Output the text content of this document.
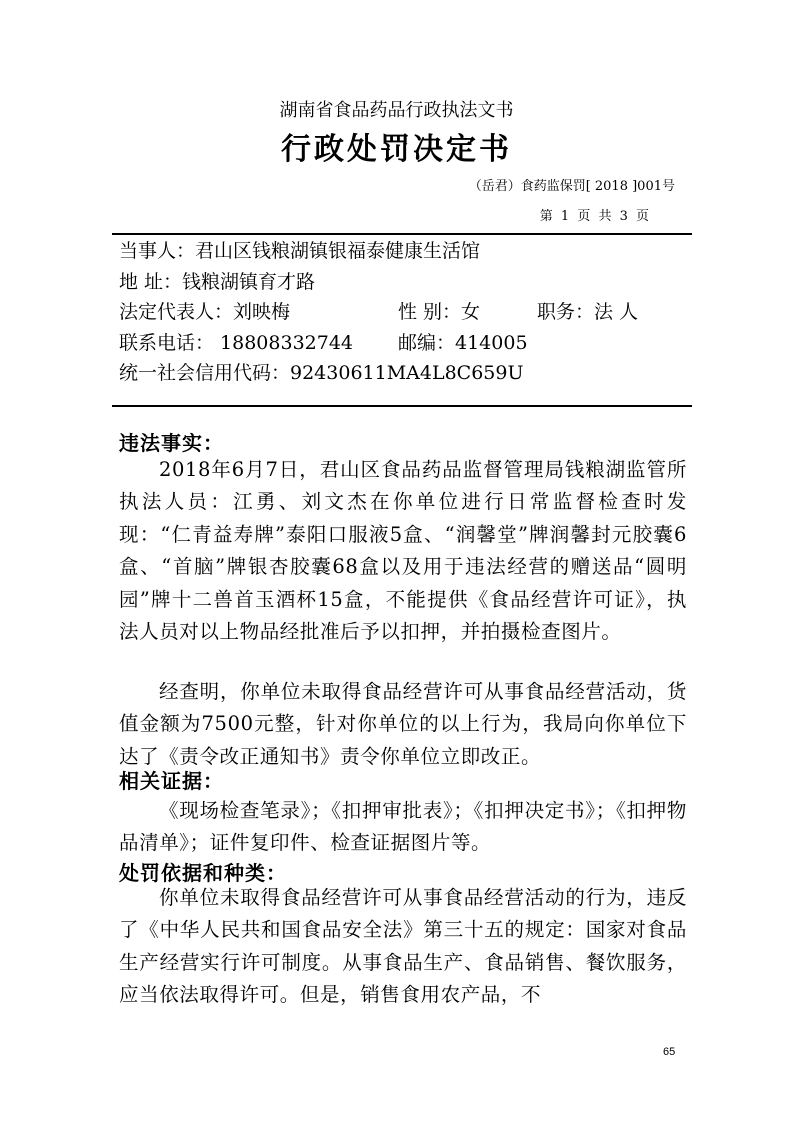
湖南省食品药品行政执法文书
行政处罚决定书
（岳君）食药监保罚[ 2018 ]001号
第 1 页 共 3 页
当事人：君山区钱粮湖镇银福泰健康生活馆
地 址：钱粮湖镇育才路
法定代表人：刘映梅	性 别：女	职务：法 人
联系电话： 18808332744 邮编：414005
统一社会信用代码：92430611MA4L8C659U
违法事实：
2018年6月7日，君山区食品药品监督管理局钱粮湖监管所执法人员：江勇、刘文杰在你单位进行日常监督检查时发现：“仁青益寿牌”泰阳口服液5盒、“润馨堂”牌润馨封元胶囊6盒、“首脑”牌银杏胶囊68盒以及用于违法经营的赠送品“圆明园”牌十二兽首玉酒杯15盒，不能提供《食品经营许可证》，执法人员对以上物品经批准后予以扣押，并拍摄检查图片。
经查明，你单位未取得食品经营许可从事食品经营活动，货值金额为7500元整，针对你单位的以上行为，我局向你单位下达了《责令改正通知书》责令你单位立即改正。
相关证据：
《现场检查笔录》；《扣押审批表》；《扣押决定书》；《扣押物品清单》；证件复印件、检查证据图片等。
处罚依据和种类：
你单位未取得食品经营许可从事食品经营活动的行为，违反了《中华人民共和国食品安全法》第三十五的规定：国家对食品生产经营实行许可制度。从事食品生产、食品销售、餐饮服务，应当依法取得许可。但是，销售食用农产品，不
65
